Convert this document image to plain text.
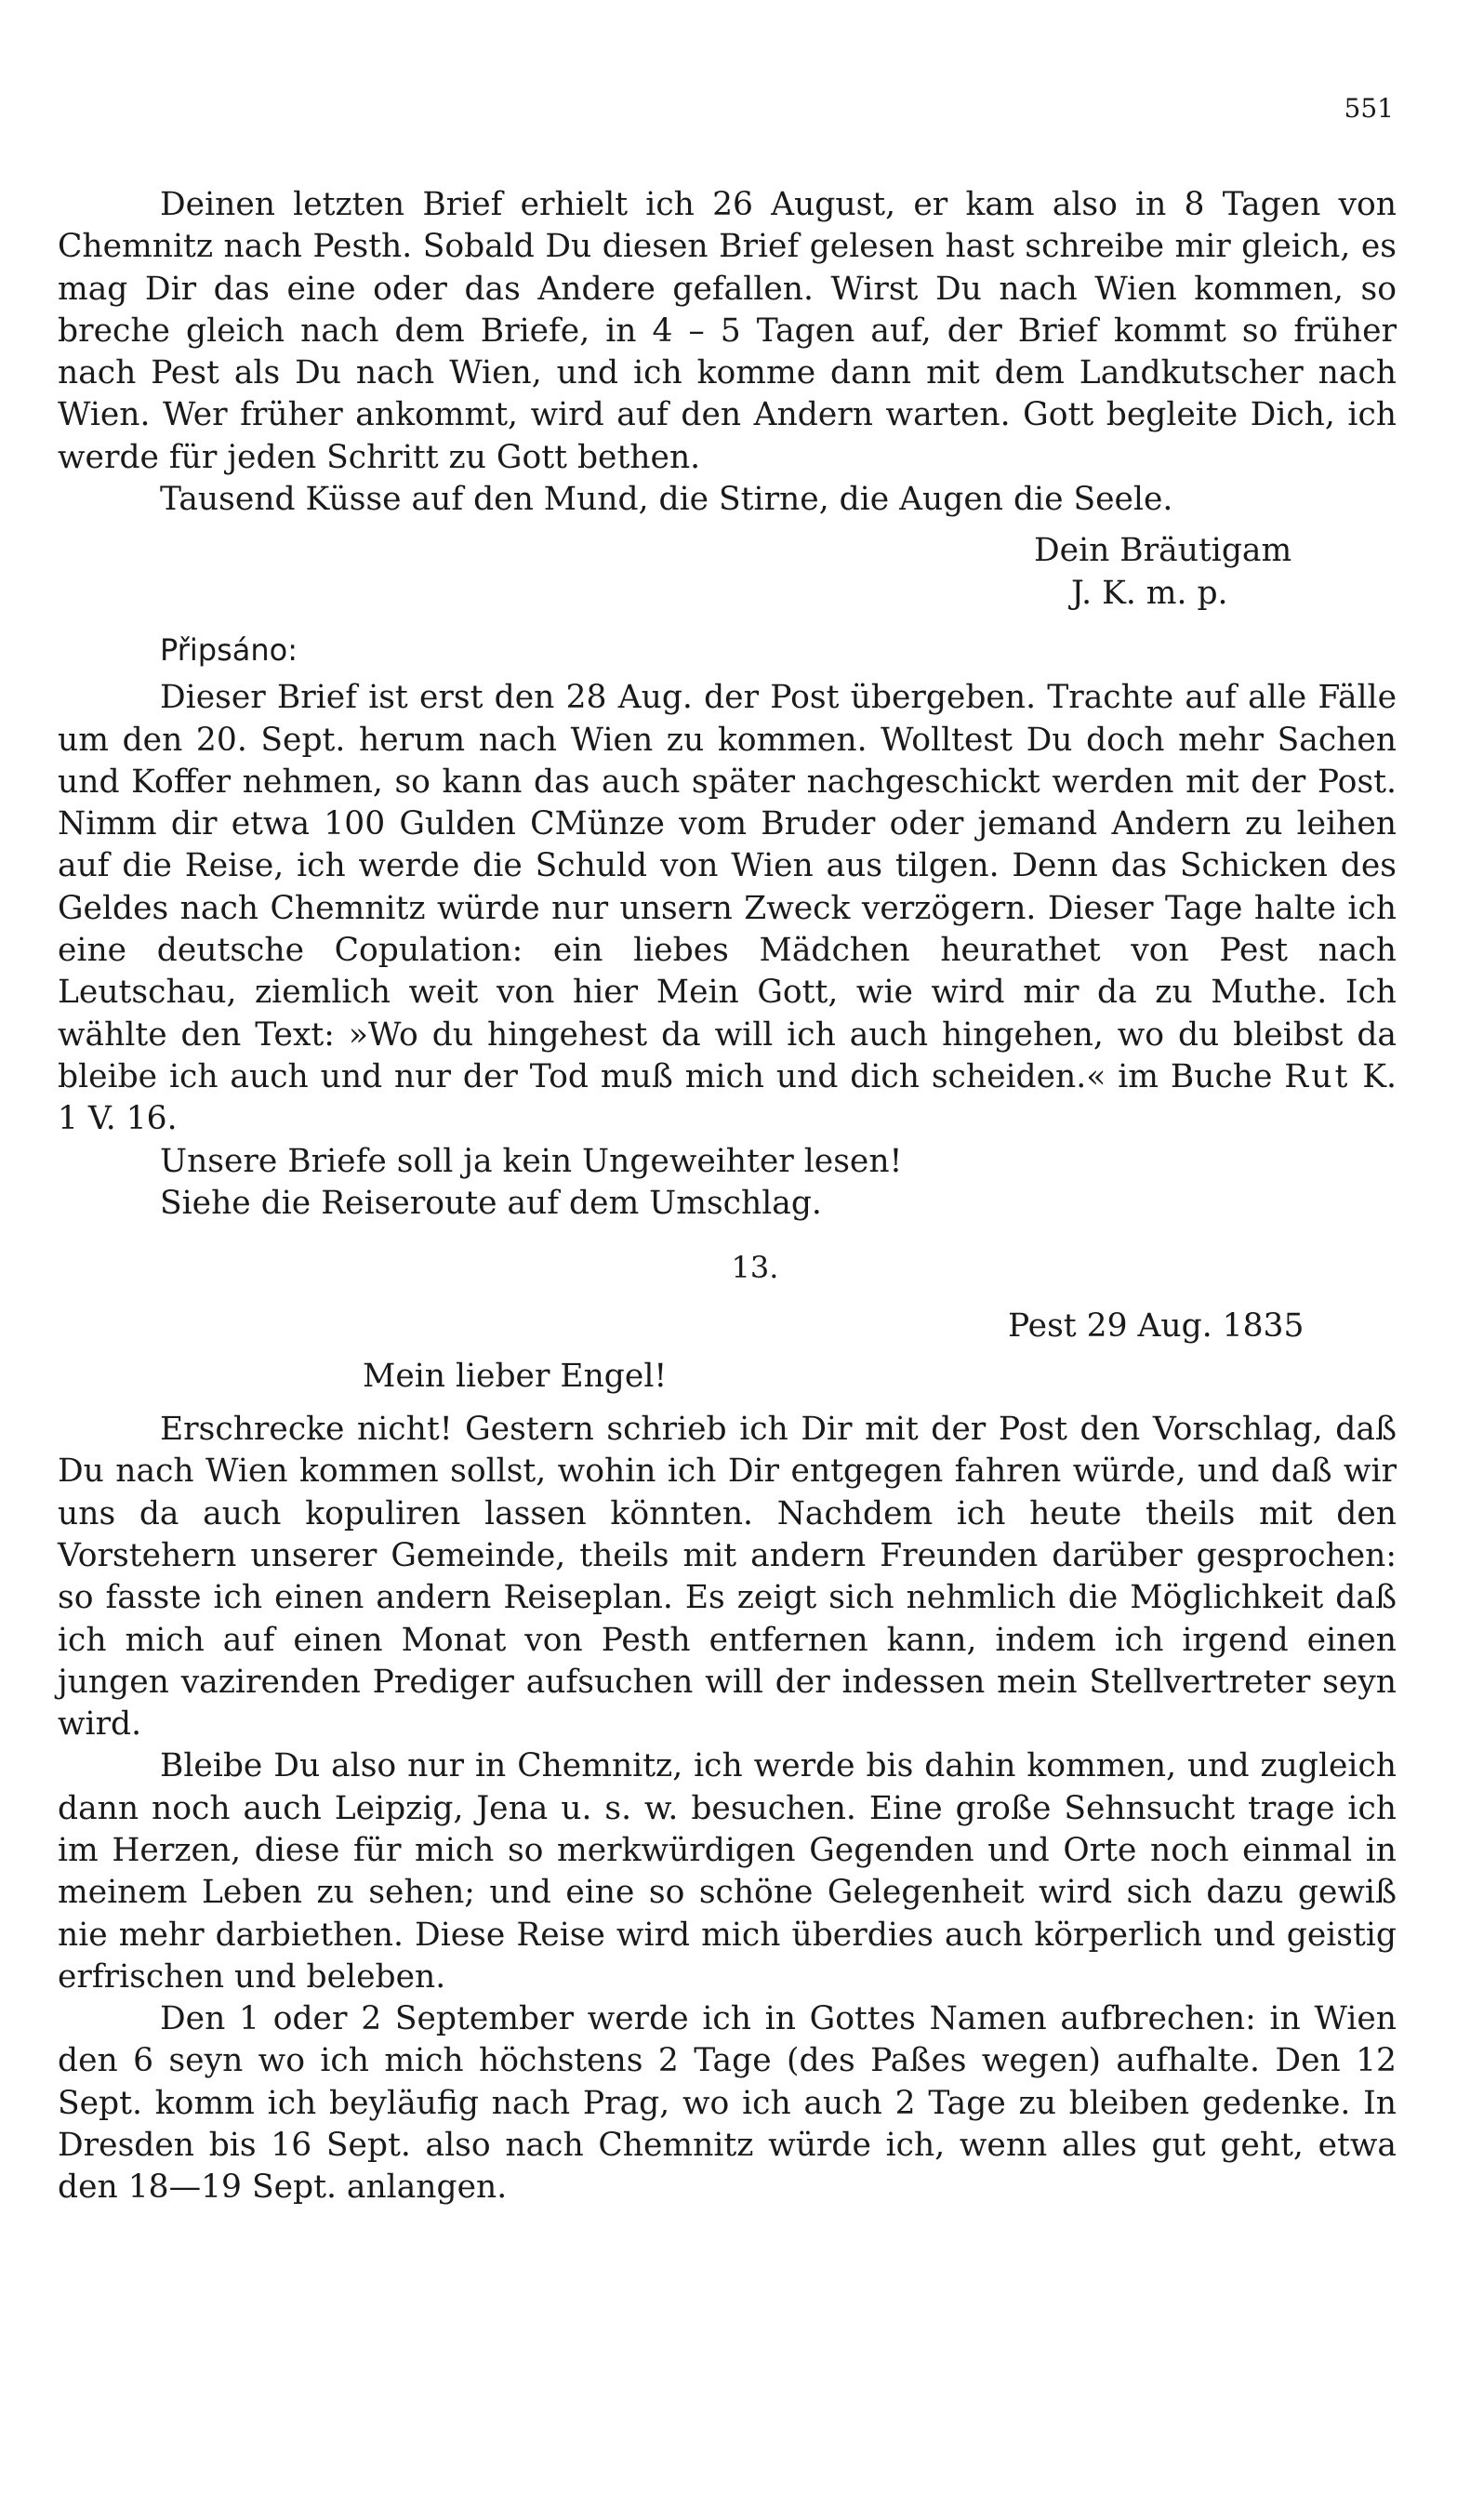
551

Deinen letzten Brief erhielt ich 26 August, er kam also in 8 Tagen von Chemnitz nach Pesth. Sobald Du diesen Brief gelesen hast schreibe mir gleich, es mag Dir das eine oder das Andere gefallen. Wirst Du nach Wien kommen, so breche gleich nach dem Briefe, in 4 – 5 Tagen auf, der Brief kommt so früher nach Pest als Du nach Wien, und ich komme dann mit dem Landkutscher nach Wien. Wer früher ankommt, wird auf den Andern warten. Gott begleite Dich, ich werde für jeden Schritt zu Gott bethen.

Tausend Küsse auf den Mund, die Stirne, die Augen die Seele.

Dein Bräutigam

J. K. m. p.

Připsáno:

Dieser Brief ist erst den 28 Aug. der Post übergeben. Trachte auf alle Fälle um den 20. Sept. herum nach Wien zu kommen. Wolltest Du doch mehr Sachen und Koffer nehmen, so kann das auch später nachgeschickt werden mit der Post. Nimm dir etwa 100 Gulden CMünze vom Bruder oder jemand Andern zu leihen auf die Reise, ich werde die Schuld von Wien aus tilgen. Denn das Schicken des Geldes nach Chemnitz würde nur unsern Zweck verzögern. Dieser Tage halte ich eine deutsche Copulation: ein liebes Mädchen heurathet von Pest nach Leutschau, ziemlich weit von hier Mein Gott, wie wird mir da zu Muthe. Ich wählte den Text: »Wo du hingehest da will ich auch hingehen, wo du bleibst da bleibe ich auch und nur der Tod muß mich und dich scheiden.« im Buche Rut K. 1 V. 16.

Unsere Briefe soll ja kein Ungeweihter lesen!

Siehe die Reiseroute auf dem Umschlag.

13.

Pest 29 Aug. 1835

Mein lieber Engel!

Erschrecke nicht! Gestern schrieb ich Dir mit der Post den Vorschlag, daß Du nach Wien kommen sollst, wohin ich Dir entgegen fahren würde, und daß wir uns da auch kopuliren lassen könnten. Nachdem ich heute theils mit den Vorstehern unserer Gemeinde, theils mit andern Freunden darüber gesprochen: so fasste ich einen andern Reiseplan. Es zeigt sich nehmlich die Möglichkeit daß ich mich auf einen Monat von Pesth entfernen kann, indem ich irgend einen jungen vazirenden Prediger aufsuchen will der indessen mein Stellvertreter seyn wird.

Bleibe Du also nur in Chemnitz, ich werde bis dahin kommen, und zugleich dann noch auch Leipzig, Jena u. s. w. besuchen. Eine große Sehnsucht trage ich im Herzen, diese für mich so merkwürdigen Gegenden und Orte noch einmal in meinem Leben zu sehen; und eine so schöne Gelegenheit wird sich dazu gewiß nie mehr darbiethen. Diese Reise wird mich überdies auch körperlich und geistig erfrischen und beleben.

Den 1 oder 2 September werde ich in Gottes Namen aufbrechen: in Wien den 6 seyn wo ich mich höchstens 2 Tage (des Paßes wegen) aufhalte. Den 12 Sept. komm ich beyläufig nach Prag, wo ich auch 2 Tage zu bleiben gedenke. In Dresden bis 16 Sept. also nach Chemnitz würde ich, wenn alles gut geht, etwa den 18—19 Sept. anlangen.
